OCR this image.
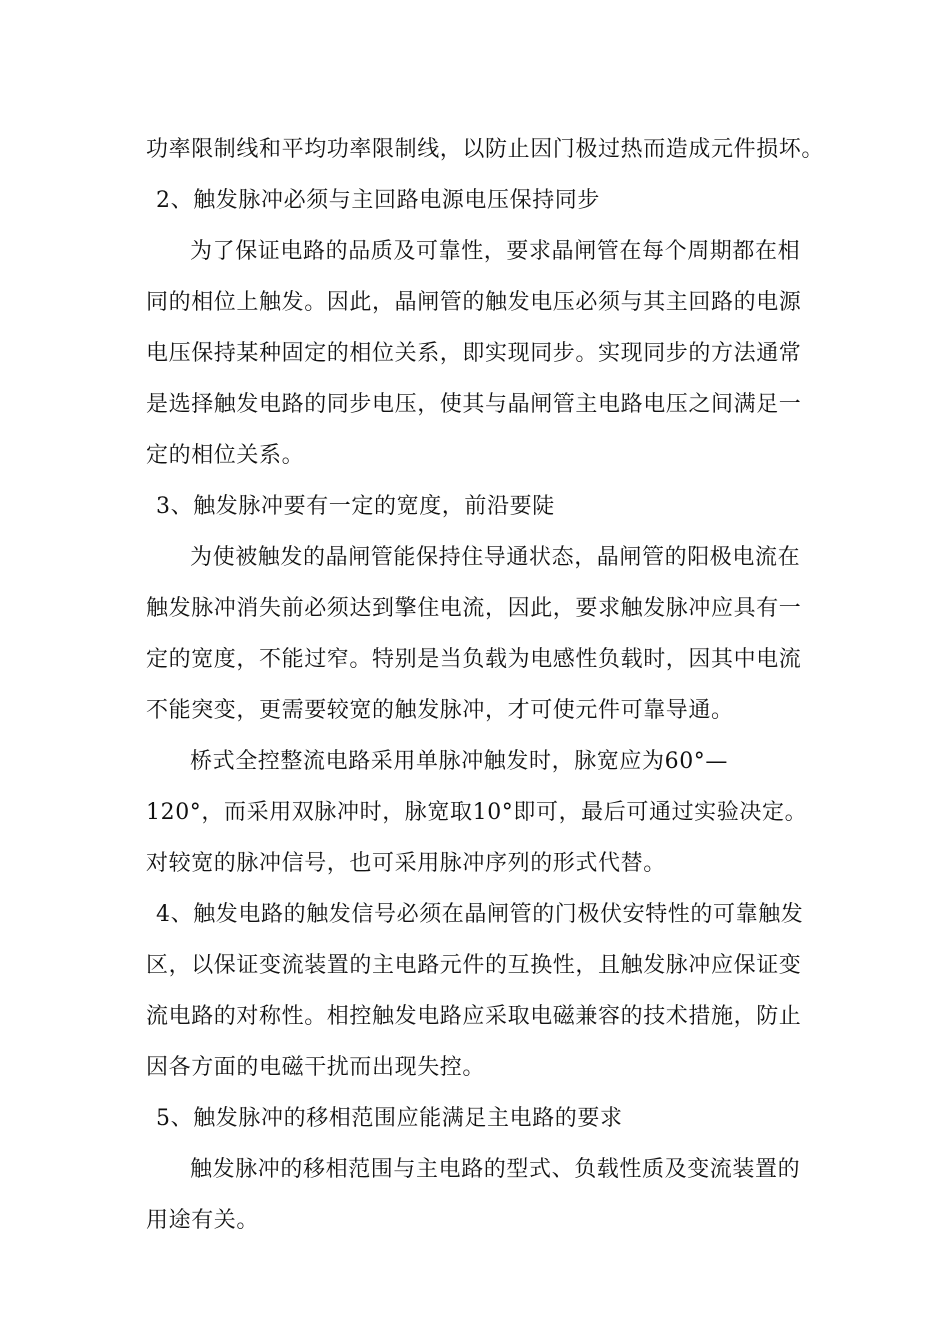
功率限制线和平均功率限制线，以防止因门极过热而造成元件损坏。
2、触发脉冲必须与主回路电源电压保持同步
为了保证电路的品质及可靠性，要求晶闸管在每个周期都在相
同的相位上触发。因此，晶闸管的触发电压必须与其主回路的电源
电压保持某种固定的相位关系，即实现同步。实现同步的方法通常
是选择触发电路的同步电压，使其与晶闸管主电路电压之间满足一
定的相位关系。
3、触发脉冲要有一定的宽度，前沿要陡
为使被触发的晶闸管能保持住导通状态，晶闸管的阳极电流在
触发脉冲消失前必须达到擎住电流，因此，要求触发脉冲应具有一
定的宽度，不能过窄。特别是当负载为电感性负载时，因其中电流
不能突变，更需要较宽的触发脉冲，才可使元件可靠导通。
桥式全控整流电路采用单脉冲触发时，脉宽应为60°—
120°，而采用双脉冲时，脉宽取10°即可，最后可通过实验决定。
对较宽的脉冲信号，也可采用脉冲序列的形式代替。
4、触发电路的触发信号必须在晶闸管的门极伏安特性的可靠触发
区，以保证变流装置的主电路元件的互换性，且触发脉冲应保证变
流电路的对称性。相控触发电路应采取电磁兼容的技术措施，防止
因各方面的电磁干扰而出现失控。
5、触发脉冲的移相范围应能满足主电路的要求
触发脉冲的移相范围与主电路的型式、负载性质及变流装置的
用途有关。
